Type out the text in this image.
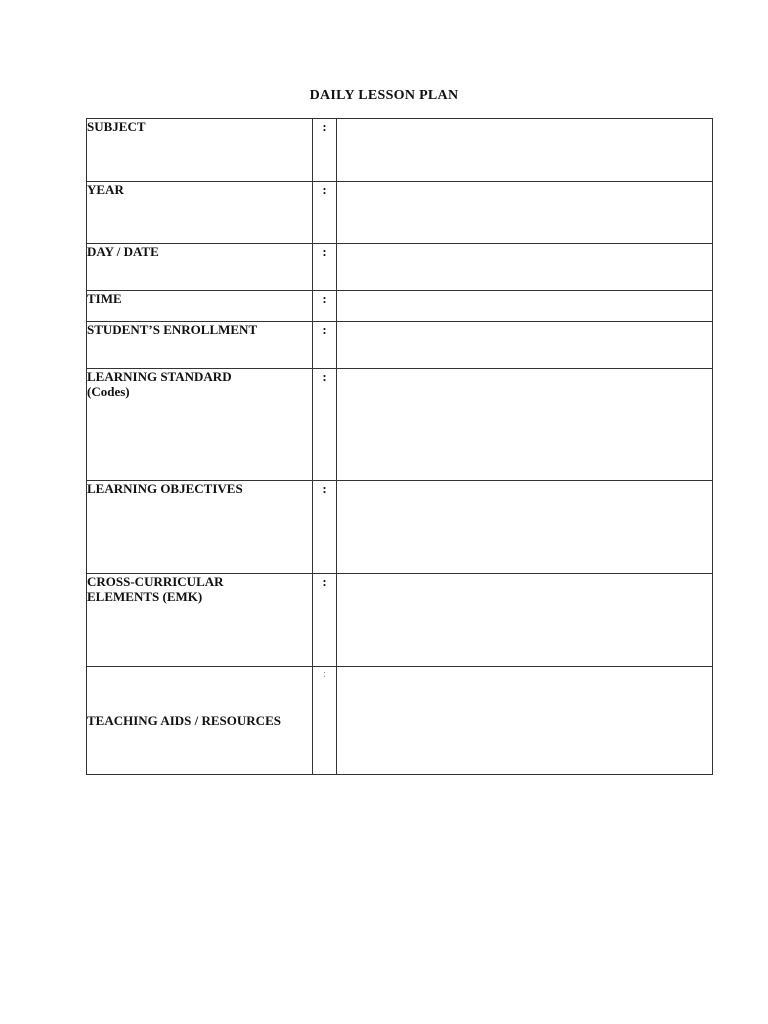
DAILY LESSON PLAN
SUBJECT	:	

YEAR	:	

DAY / DATE	:	

TIME	:	

STUDENT’S ENROLLMENT	:	

LEARNING STANDARD
(Codes)	:	

LEARNING OBJECTIVES	:	

CROSS-CURRICULAR
ELEMENTS (EMK)	:	

TEACHING AIDS / RESOURCES	:	
